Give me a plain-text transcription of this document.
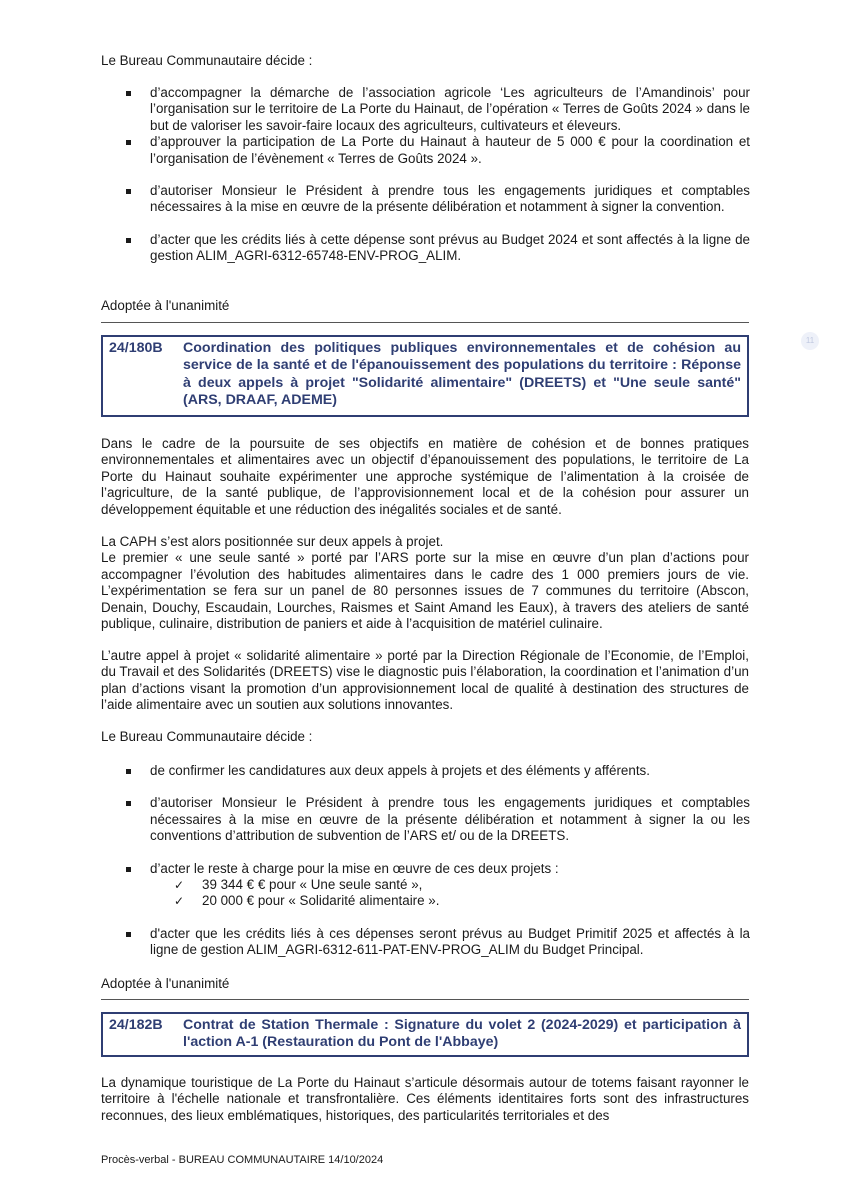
Le Bureau Communautaire décide :

d’accompagner la démarche de l’association agricole ‘Les agriculteurs de l’Amandinois’ pour l’organisation sur le territoire de La Porte du Hainaut, de l’opération « Terres de Goûts 2024 » dans le but de valoriser les savoir-faire locaux des agriculteurs, cultivateurs et éleveurs.
d’approuver la participation de La Porte du Hainaut à hauteur de 5 000 € pour la coordination et l’organisation de l’évènement « Terres de Goûts 2024 ».
d’autoriser Monsieur le Président à prendre tous les engagements juridiques et comptables nécessaires à la mise en œuvre de la présente délibération et notamment à signer la convention.
d’acter que les crédits liés à cette dépense sont prévus au Budget 2024 et sont affectés à la ligne de gestion ALIM_AGRI-6312-65748-ENV-PROG_ALIM.

Adoptée à l'unanimité

24/180B Coordination des politiques publiques environnementales et de cohésion au service de la santé et de l'épanouissement des populations du territoire : Réponse à deux appels à projet "Solidarité alimentaire" (DREETS) et "Une seule santé" (ARS, DRAAF, ADEME)
11

Dans le cadre de la poursuite de ses objectifs en matière de cohésion et de bonnes pratiques environnementales et alimentaires avec un objectif d’épanouissement des populations, le territoire de La Porte du Hainaut souhaite expérimenter une approche systémique de l’alimentation à la croisée de l’agriculture, de la santé publique, de l’approvisionnement local et de la cohésion pour assurer un développement équitable et une réduction des inégalités sociales et de santé.

La CAPH s’est alors positionnée sur deux appels à projet.
Le premier « une seule santé » porté par l’ARS porte sur la mise en œuvre d’un plan d’actions pour accompagner l’évolution des habitudes alimentaires dans le cadre des 1 000 premiers jours de vie. L’expérimentation se fera sur un panel de 80 personnes issues de 7 communes du territoire (Abscon, Denain, Douchy, Escaudain, Lourches, Raismes et Saint Amand les Eaux), à travers des ateliers de santé publique, culinaire, distribution de paniers et aide à l’acquisition de matériel culinaire.

L’autre appel à projet « solidarité alimentaire » porté par la Direction Régionale de l’Economie, de l’Emploi, du Travail et des Solidarités (DREETS) vise le diagnostic puis l’élaboration, la coordination et l’animation d’un plan d’actions visant la promotion d’un approvisionnement local de qualité à destination des structures de l’aide alimentaire avec un soutien aux solutions innovantes.

Le Bureau Communautaire décide :

de confirmer les candidatures aux deux appels à projets et des éléments y afférents.
d’autoriser Monsieur le Président à prendre tous les engagements juridiques et comptables nécessaires à la mise en œuvre de la présente délibération et notamment à signer la ou les conventions d’attribution de subvention de l’ARS et/ ou de la DREETS.
d’acter le reste à charge pour la mise en œuvre de ces deux projets :
✓ 39 344 € € pour « Une seule santé »,
✓ 20 000 € pour « Solidarité alimentaire ».
d'acter que les crédits liés à ces dépenses seront prévus au Budget Primitif 2025 et affectés à la ligne de gestion ALIM_AGRI-6312-611-PAT-ENV-PROG_ALIM du Budget Principal.

Adoptée à l'unanimité

24/182B Contrat de Station Thermale : Signature du volet 2 (2024-2029) et participation à l'action A-1 (Restauration du Pont de l'Abbaye)

La dynamique touristique de La Porte du Hainaut s’articule désormais autour de totems faisant rayonner le territoire à l'échelle nationale et transfrontalière. Ces éléments identitaires forts sont des infrastructures reconnues, des lieux emblématiques, historiques, des particularités territoriales et des

Procès-verbal - BUREAU COMMUNAUTAIRE 14/10/2024
